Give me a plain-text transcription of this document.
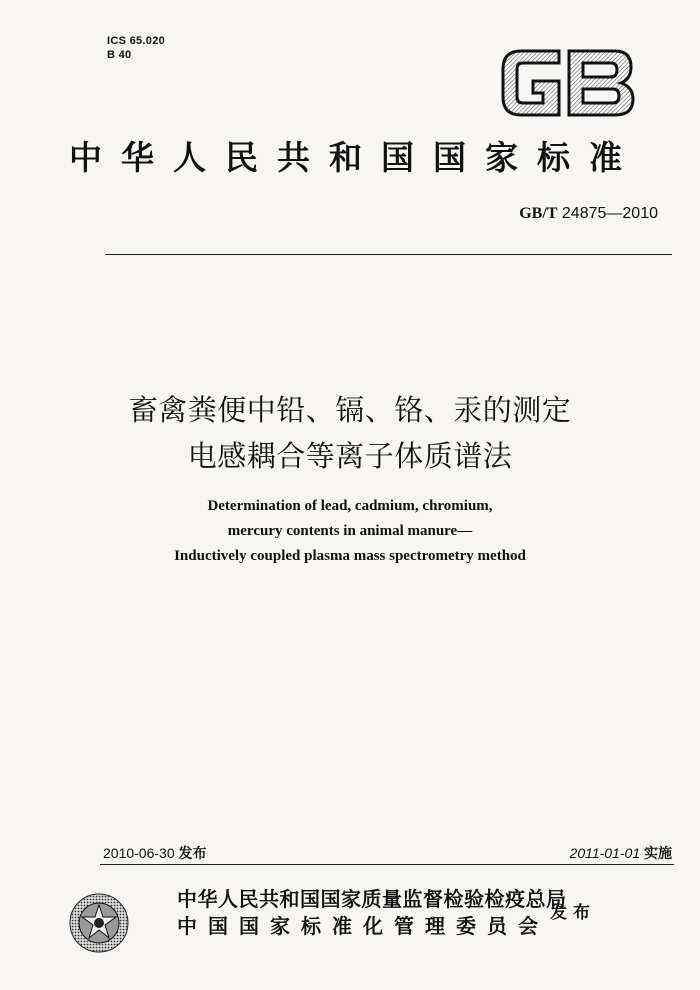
ICS 65.020
B 40
中华人民共和国国家标准
GB/T 24875—2010
畜禽粪便中铅、镉、铬、汞的测定
电感耦合等离子体质谱法
Determination of lead, cadmium, chromium,
mercury contents in animal manure—
Inductively coupled plasma mass spectrometry method
2010-06-30 发布	2011-01-01 实施
中华人民共和国国家质量监督检验检疫总局
中国国家标准化管理委员会
发布
